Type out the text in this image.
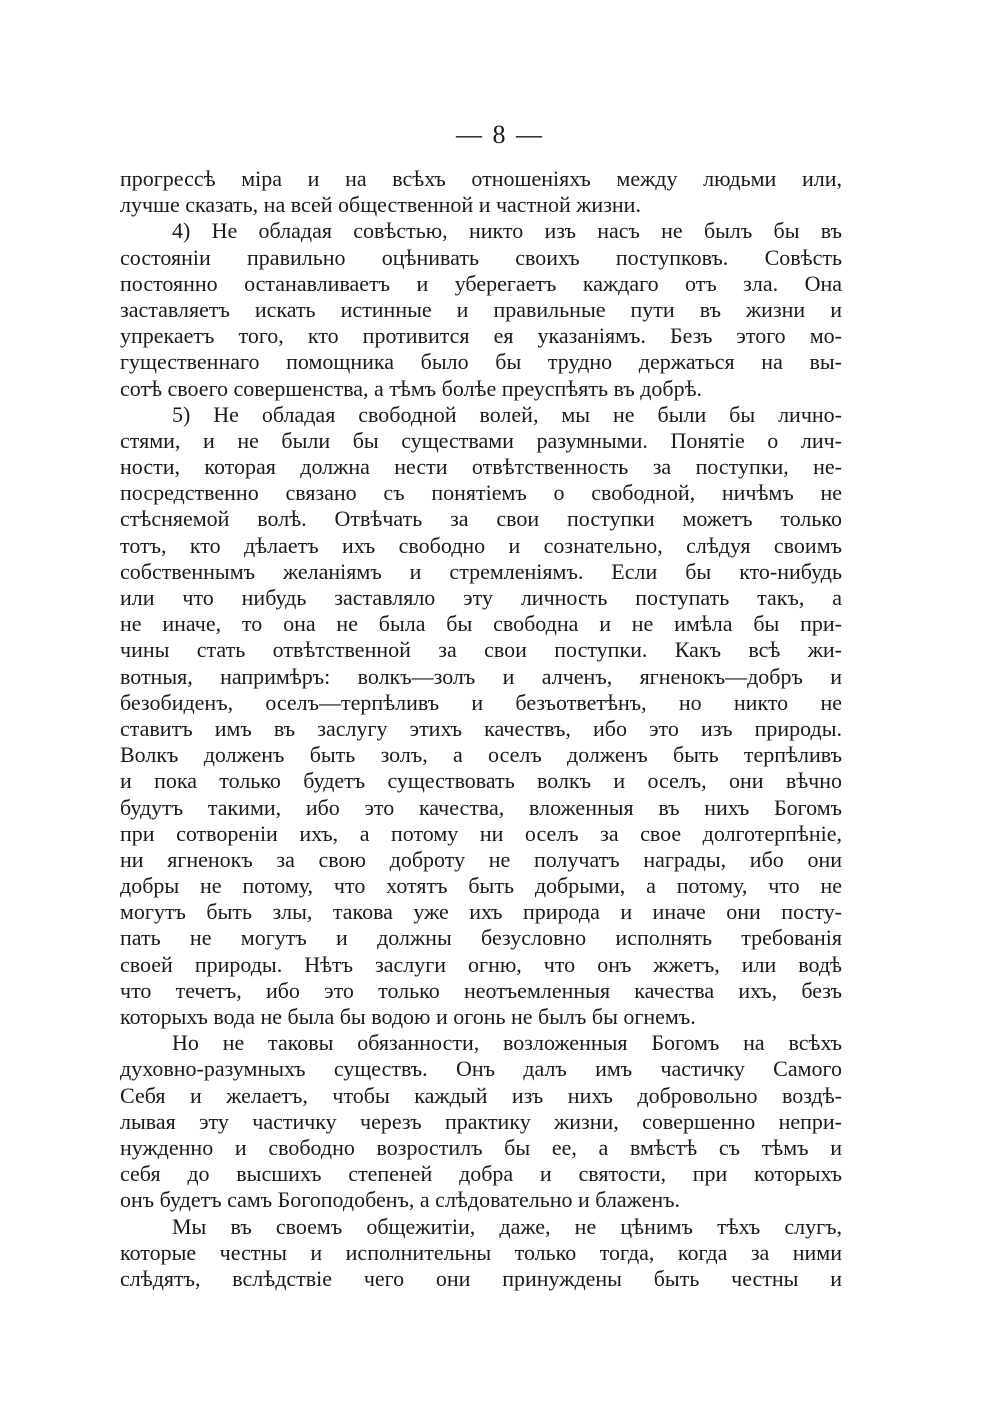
— 8 —
прогрессѣ міра и на всѣхъ отношеніяхъ между людьми или,
лучше сказать, на всей общественной и частной жизни.
4) Не обладая совѣстью, никто изъ насъ не былъ бы въ
состояніи правильно оцѣнивать своихъ поступковъ. Совѣсть
постоянно останавливаетъ и уберегаетъ каждаго отъ зла. Она
заставляетъ искать истинные и правильные пути въ жизни и
упрекаетъ того, кто противится ея указаніямъ. Безъ этого мо-
гущественнаго помощника было бы трудно держаться на вы-
сотѣ своего совершенства, а тѣмъ болѣе преуспѣять въ добрѣ.
5) Не обладая свободной волей, мы не были бы лично-
стями, и не были бы существами разумными. Понятіе о лич-
ности, которая должна нести отвѣтственность за поступки, не-
посредственно связано съ понятіемъ о свободной, ничѣмъ не
стѣсняемой волѣ. Отвѣчать за свои поступки можетъ только
тотъ, кто дѣлаетъ ихъ свободно и сознательно, слѣдуя своимъ
собственнымъ желаніямъ и стремленіямъ. Если бы кто-нибудь
или что нибудь заставляло эту личность поступать такъ, а
не иначе, то она не была бы свободна и не имѣла бы при-
чины стать отвѣтственной за свои поступки. Какъ всѣ жи-
вотныя, напримѣръ: волкъ—золъ и алченъ, ягненокъ—добръ и
безобиденъ, оселъ—терпѣливъ и безъответѣнъ, но никто не
ставитъ имъ въ заслугу этихъ качествъ, ибо это изъ природы.
Волкъ долженъ быть золъ, а оселъ долженъ быть терпѣливъ
и пока только будетъ существовать волкъ и оселъ, они вѣчно
будутъ такими, ибо это качества, вложенныя въ нихъ Богомъ
при сотвореніи ихъ, а потому ни оселъ за свое долготерпѣніе,
ни ягненокъ за свою доброту не получатъ награды, ибо они
добры не потому, что хотятъ быть добрыми, а потому, что не
могутъ быть злы, такова уже ихъ природа и иначе они посту-
пать не могутъ и должны безусловно исполнять требованія
своей природы. Нѣтъ заслуги огню, что онъ жжетъ, или водѣ
что течетъ, ибо это только неотъемленныя качества ихъ, безъ
которыхъ вода не была бы водою и огонь не былъ бы огнемъ.
Но не таковы обязанности, возложенныя Богомъ на всѣхъ
духовно-разумныхъ существъ. Онъ далъ имъ частичку Самого
Себя и желаетъ, чтобы каждый изъ нихъ добровольно воздѣ-
лывая эту частичку черезъ практику жизни, совершенно непри-
нужденно и свободно возростилъ бы ее, а вмѣстѣ съ тѣмъ и
себя до высшихъ степеней добра и святости, при которыхъ
онъ будетъ самъ Богоподобенъ, а слѣдовательно и блаженъ.
Мы въ своемъ общежитіи, даже, не цѣнимъ тѣхъ слугъ,
которые честны и исполнительны только тогда, когда за ними
слѣдятъ, вслѣдствіе чего они принуждены быть честны и
